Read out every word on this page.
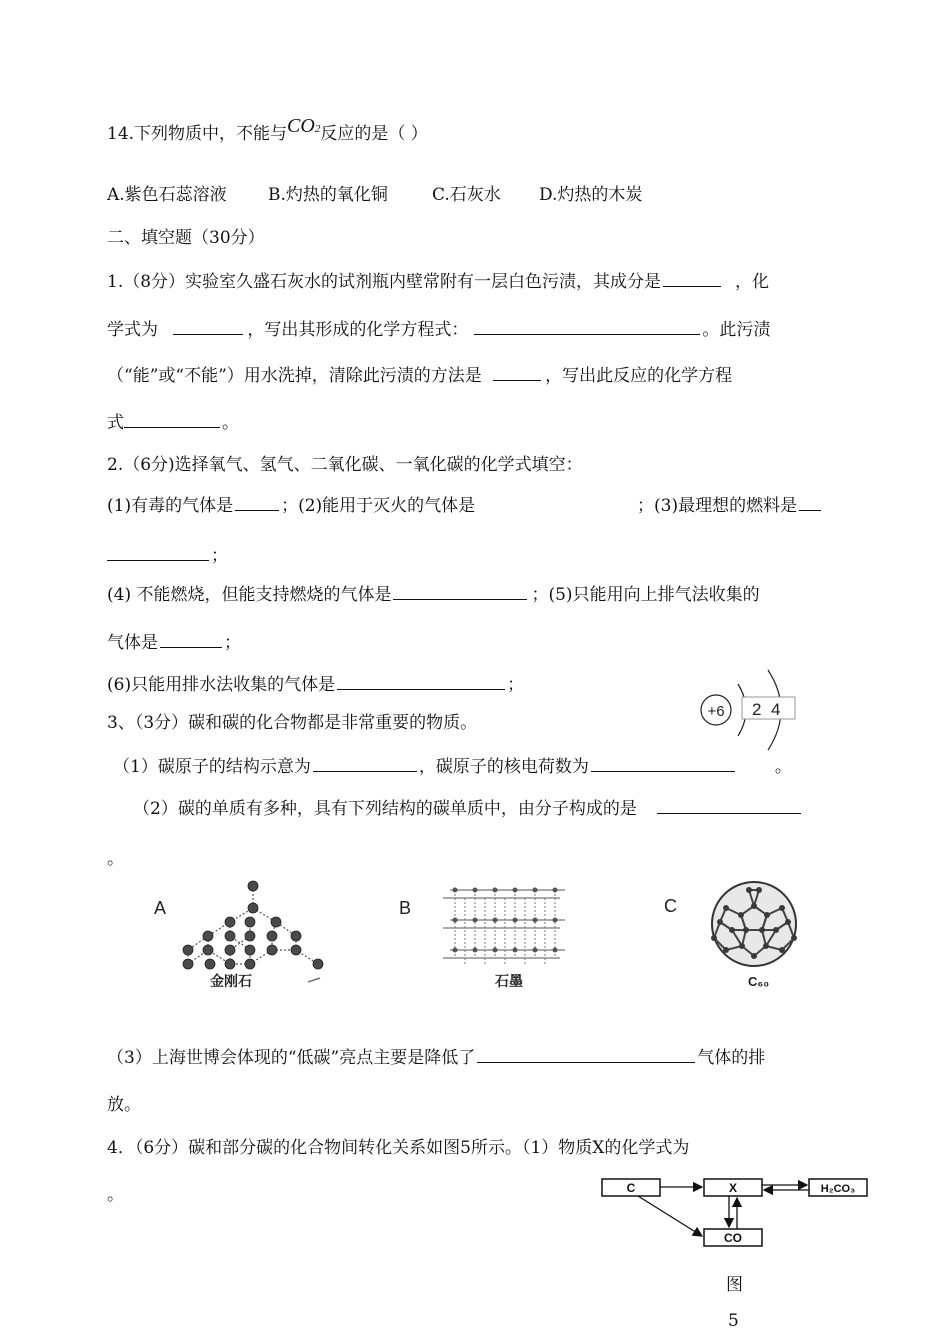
14.下列物质中，不能与CO2反应的是（ ）
A.紫色石蕊溶液 B.灼热的氧化铜	C.石灰水 D.灼热的木炭
二、填空题（30分）
1.（8分）实验室久盛石灰水的试剂瓶内壁常附有一层白色污渍，其成分是	，化
学式为	，写出其形成的化学方程式：	。此污渍
（“能”或“不能”）用水洗掉，清除此污渍的方法是	，写出此反应的化学方程
式	。
2.（6分)选择氧气、氢气、二氧化碳、一氧化碳的化学式填空：
(1)有毒的气体是	；(2)能用于灭火的气体是	；(3)最理想的燃料是
；
(4) 不能燃烧，但能支持燃烧的气体是	；(5)只能用向上排气法收集的
气体是	；
(6)只能用排水法收集的气体是	；
3、（3分）碳和碳的化合物都是非常重要的物质。
+6 2 4
（1）碳原子的结构示意为	，碳原子的核电荷数为	。
（2）碳的单质有多种，具有下列结构的碳单质中，由分子构成的是
。
A
金刚石
B
石墨
C
C₆₀
（3）上海世博会体现的“低碳”亮点主要是降低了	气体的排
放。
4．（6分）碳和部分碳的化合物间转化关系如图5所示。（1）物质X的化学式为
。	C	X	H₂CO₃
CO
图
5
